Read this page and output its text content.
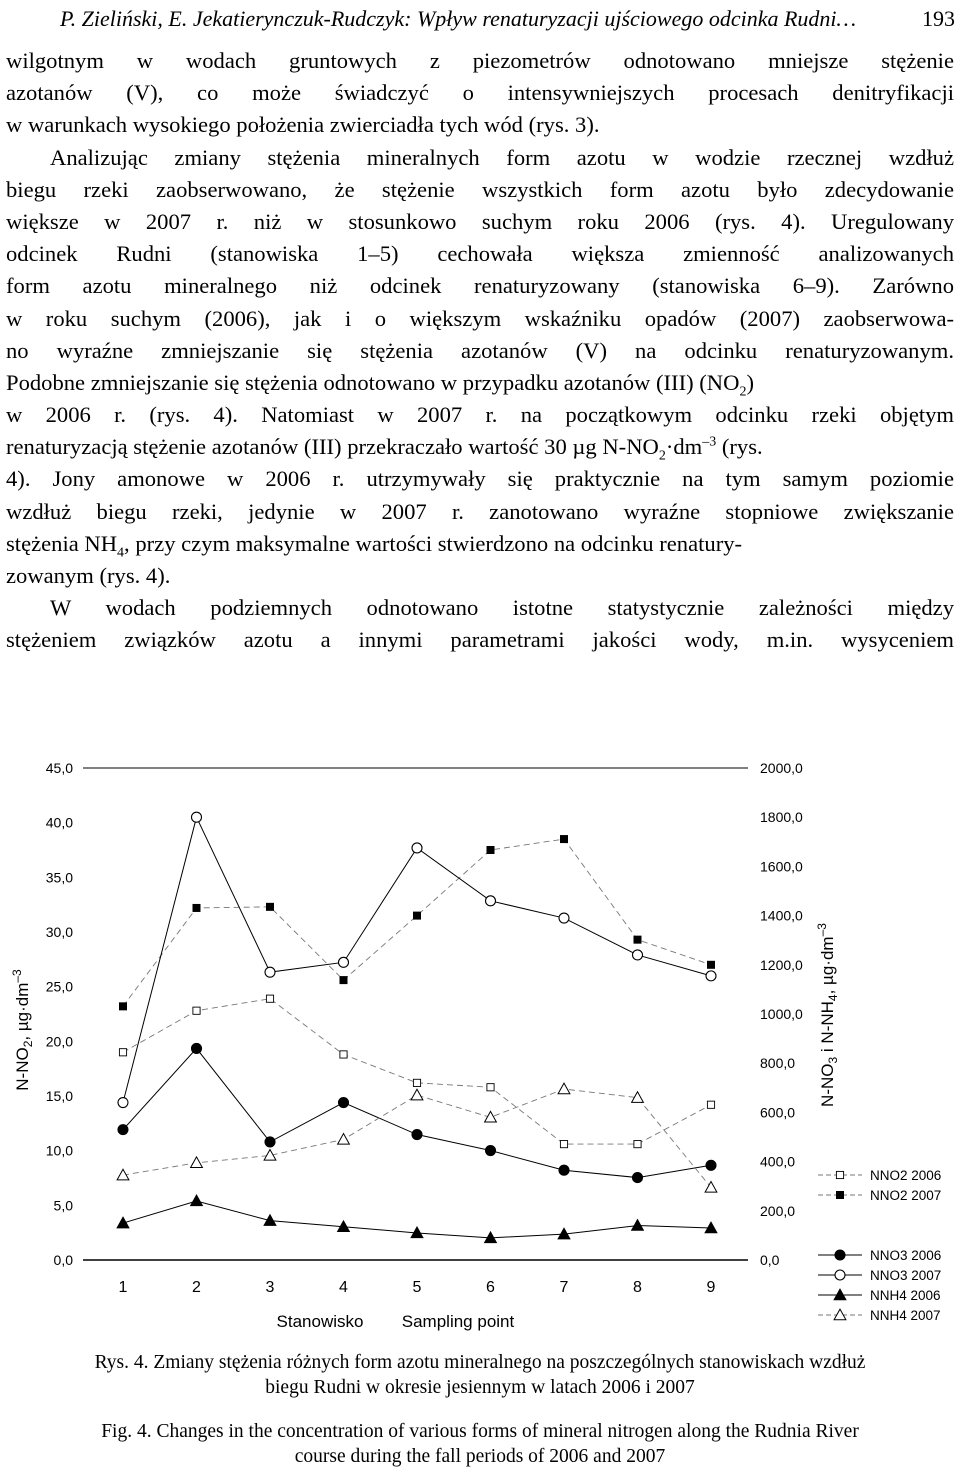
P. Zieliński, E. Jekatierynczuk-Rudczyk: Wpływ renaturyzacji ujściowego odcinka Rudni…	193
wilgotnym w wodach gruntowych z piezometrów odnotowano mniejsze stężenie
azotanów (V), co może świadczyć o intensywniejszych procesach denitryfikacji
w warunkach wysokiego położenia zwierciadła tych wód (rys. 3).
Analizując zmiany stężenia mineralnych form azotu w wodzie rzecznej wzdłuż
biegu rzeki zaobserwowano, że stężenie wszystkich form azotu było zdecydowanie
większe w 2007 r. niż w stosunkowo suchym roku 2006 (rys. 4). Uregulowany
odcinek Rudni (stanowiska 1–5) cechowała większa zmienność analizowanych
form azotu mineralnego niż odcinek renaturyzowany (stanowiska 6–9). Zarówno
w roku suchym (2006), jak i o większym wskaźniku opadów (2007) zaobserwowa-
no wyraźne zmniejszanie się stężenia azotanów (V) na odcinku renaturyzowanym.
Podobne zmniejszanie się stężenia odnotowano w przypadku azotanów (III) $(NO_2)$
w 2006 r. (rys. 4). Natomiast w 2007 r. na początkowym odcinku rzeki objętym
renaturyzacją stężenie azotanów (III) przekraczało wartość 30 µg $N-NO_2\cdot dm^{-3}$ (rys.
4). Jony amonowe w 2006 r. utrzymywały się praktycznie na tym samym poziomie
wzdłuż biegu rzeki, jedynie w 2007 r. zanotowano wyraźne stopniowe zwiększanie
stężenia $NH_4$, przy czym maksymalne wartości stwierdzono na odcinku renatury-
zowanym (rys. 4).
W wodach podziemnych odnotowano istotne statystycznie zależności między
stężeniem związków azotu a innymi parametrami jakości wody, m.in. wysyceniem
0,0
5,0
10,0
15,0
20,0
25,0
30,0
35,0
40,0
45,0
0,0
200,0
400,0
600,0
800,0
1000,0
1200,0
1400,0
1600,0
1800,0
2000,0
1	2	3	4	5	6	7	8	9
Stanowisko Sampling point
$N-NO_2$, $\mu g\cdot dm^{-3}$
$N-NO_3$ i $N-NH_4$, $\mu g\cdot dm^{-3}$
NNO2 2006
NNO2 2007
NNO3 2006
NNO3 2007
NNH4 2006
NNH4 2007
Rys. 4. Zmiany stężenia różnych form azotu mineralnego na poszczególnych stanowiskach wzdłuż
biegu Rudni w okresie jesiennym w latach 2006 i 2007
Fig. 4. Changes in the concentration of various forms of mineral nitrogen along the Rudnia River
course during the fall periods of 2006 and 2007
